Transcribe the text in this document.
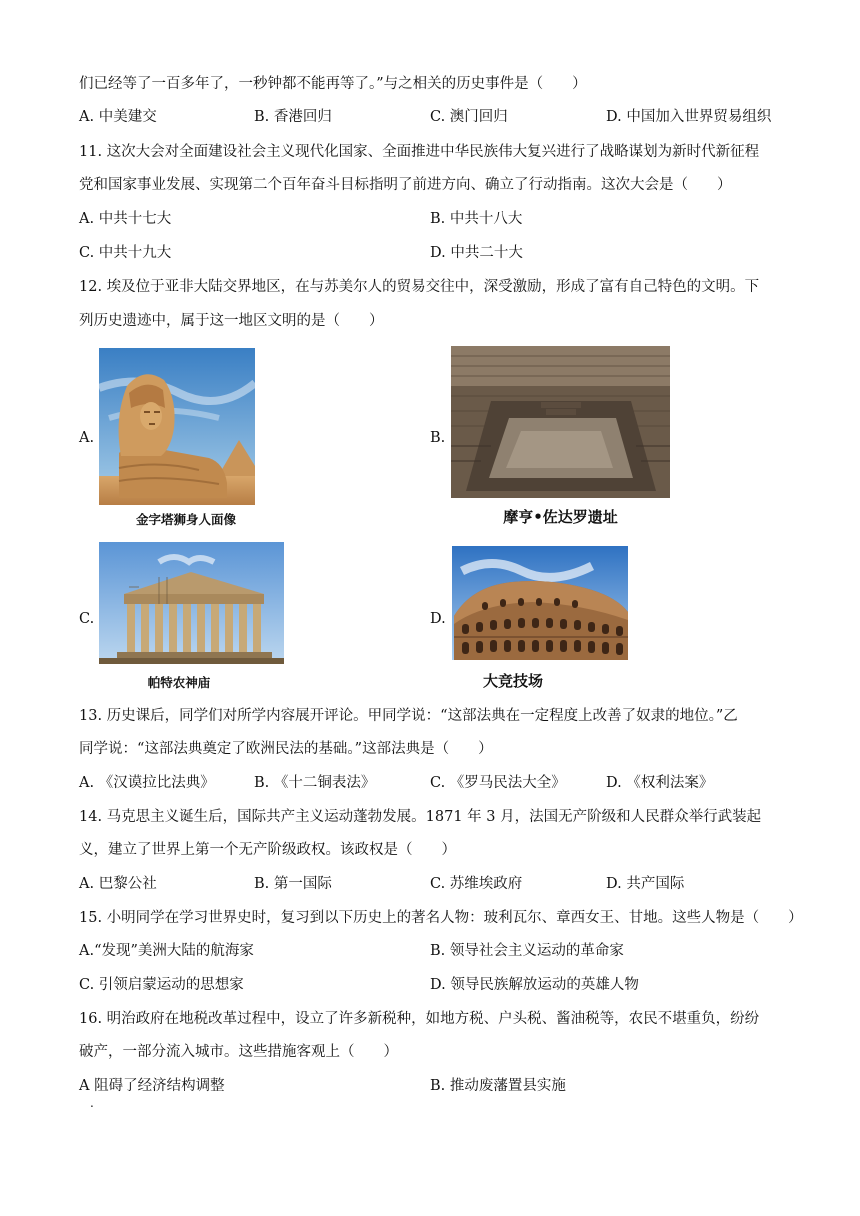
们已经等了一百多年了，一秒钟都不能再等了。”与之相关的历史事件是（　　）
A. 中美建交	B. 香港回归	C. 澳门回归	D. 中国加入世界贸易组织
11. 这次大会对全面建设社会主义现代化国家、全面推进中华民族伟大复兴进行了战略谋划为新时代新征程
党和国家事业发展、实现第二个百年奋斗目标指明了前进方向、确立了行动指南。这次大会是（　　）
A. 中共十七大	B. 中共十八大
C. 中共十九大	D. 中共二十大
12. 埃及位于亚非大陆交界地区，在与苏美尔人的贸易交往中，深受激励，形成了富有自己特色的文明。下
列历史遗迹中，属于这一地区文明的是（　　）
A.
金字塔狮身人面像
B.
摩亨•佐达罗遗址
C.
帕特农神庙
D.
大竞技场
13. 历史课后，同学们对所学内容展开评论。甲同学说：“这部法典在一定程度上改善了奴隶的地位。”乙
同学说：“这部法典奠定了欧洲民法的基础。”这部法典是（　　）
A. 《汉谟拉比法典》	B. 《十二铜表法》	C. 《罗马民法大全》	D. 《权利法案》
14. 马克思主义诞生后，国际共产主义运动蓬勃发展。1871 年 3 月，法国无产阶级和人民群众举行武装起
义，建立了世界上第一个无产阶级政权。该政权是（　　）
A. 巴黎公社	B. 第一国际	C. 苏维埃政府	D. 共产国际
15. 小明同学在学习世界史时，复习到以下历史上的著名人物：玻利瓦尔、章西女王、甘地。这些人物是（　　）
A.“发现”美洲大陆的航海家	B. 领导社会主义运动的革命家
C. 引领启蒙运动的思想家	D. 领导民族解放运动的英雄人物
16. 明治政府在地税改革过程中，设立了许多新税种，如地方税、户头税、酱油税等，农民不堪重负，纷纷
破产，一部分流入城市。这些措施客观上（　　）
A 阻碍了经济结构调整	B. 推动废藩置县实施
.
